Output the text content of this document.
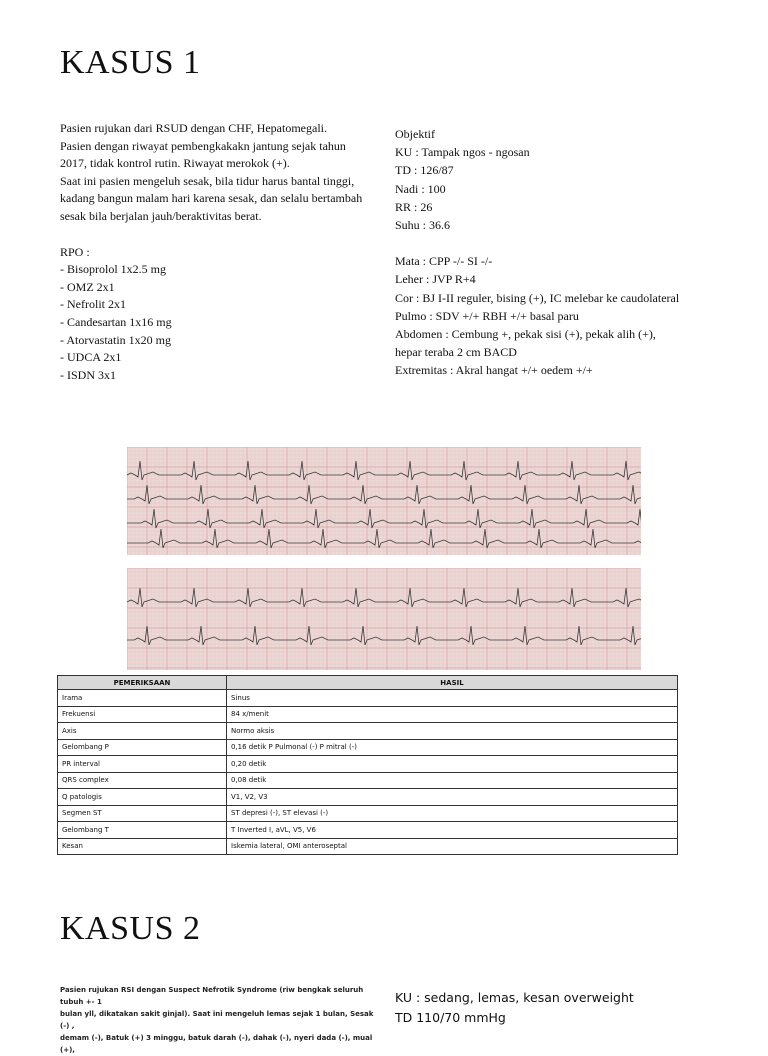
KASUS 1

Pasien rujukan dari RSUD dengan CHF, Hepatomegali.

Pasien dengan riwayat pembengkakakn jantung sejak tahun

2017, tidak kontrol rutin. Riwayat merokok (+).

Saat ini pasien mengeluh sesak, bila tidur harus bantal tinggi,

kadang bangun malam hari karena sesak, dan selalu bertambah

sesak bila berjalan jauh/beraktivitas berat.

RPO :

- Bisoprolol 1x2.5 mg

- OMZ 2x1

- Nefrolit 2x1

- Candesartan 1x16 mg

- Atorvastatin 1x20 mg

- UDCA 2x1

- ISDN 3x1

Objektif

KU : Tampak ngos - ngosan

TD : 126/87

Nadi : 100

RR : 26

Suhu : 36.6

Mata : CPP -/- SI -/-

Leher : JVP R+4

Cor : BJ I-II reguler, bising (+), IC melebar ke caudolateral

Pulmo : SDV +/+ RBH +/+ basal paru

Abdomen : Cembung +, pekak sisi (+), pekak alih (+),

hepar teraba 2 cm BACD

Extremitas : Akral hangat +/+ oedem +/+

PEMERIKSAAN	HASIL
Irama	Sinus
Frekuensi	84 x/menit
Axis	Normo aksis
Gelombang P	0,16 detik P Pulmonal (-) P mitral (-)
PR interval	0,20 detik
QRS complex	0,08 detik
Q patologis	V1, V2, V3
Segmen ST	ST depresi (-), ST elevasi (-)
Gelombang T	T Inverted I, aVL, V5, V6
Kesan	Iskemia lateral, OMI anteroseptal
KASUS 2

Pasien rujukan RSI dengan Suspect Nefrotik Syndrome (riw bengkak seluruh tubuh +- 1

bulan yll, dikatakan sakit ginjal). Saat ini mengeluh lemas sejak 1 bulan, Sesak (-) ,

demam (-), Batuk (+) 3 minggu, batuk darah (-), dahak (-), nyeri dada (-), mual (+),

KU : sedang, lemas, kesan overweight

TD 110/70 mmHg
